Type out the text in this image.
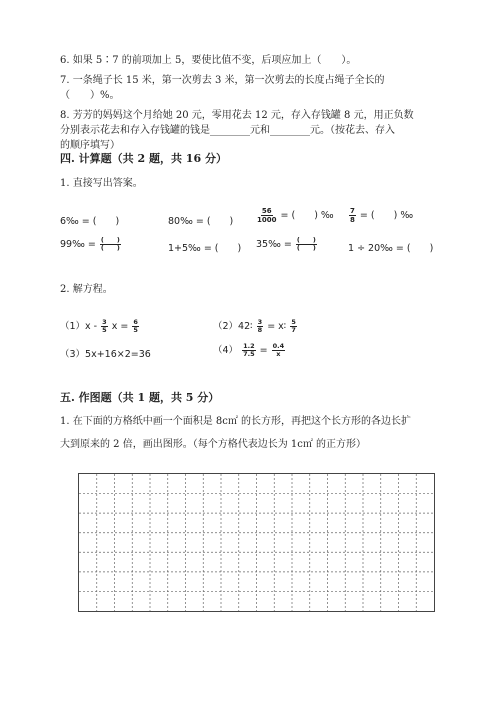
6. 如果 5∶7 的前项加上 5，要使比值不变，后项应加上（　　）。
7. 一条绳子长 15 米，第一次剪去 3 米，第一次剪去的长度占绳子全长的
（　　）%。
8. 芳芳的妈妈这个月给她 20 元，零用花去 12 元，存入存钱罐 8 元，用正负数
分别表示花去和存入存钱罐的钱是________元和________元。（按花去、存入
的顺序填写）
四. 计算题（共 2 题，共 16 分）
1. 直接写出答案。
6‰ = (　　)	80‰ = (　　)	$\frac{56}{1000}$ = (　　) ‰ $\frac{7}{8}$ = (　　) ‰
99‰ = $\frac{( )}{( )}$	1+5‰ = (　　) 35‰ = $\frac{( )}{( )}$	1 ÷ 20‰ = (　　)
2. 解方程。
$(1)x - \frac{3}{5}$ $x = \frac{6}{5}$	（2）42∶ $\frac{3}{8}$ = x∶ $\frac{5}{7}$
（3）5x+16×2=36	$(4) \frac{1.2}{7.5} = \frac{0.4}{x}$
五. 作图题（共 1 题，共 5 分）
1. 在下面的方格纸中画一个面积是 8c㎡ 的长方形，再把这个长方形的各边长扩
大到原来的 2 倍，画出图形。（每个方格代表边长为 1c㎡ 的正方形）
